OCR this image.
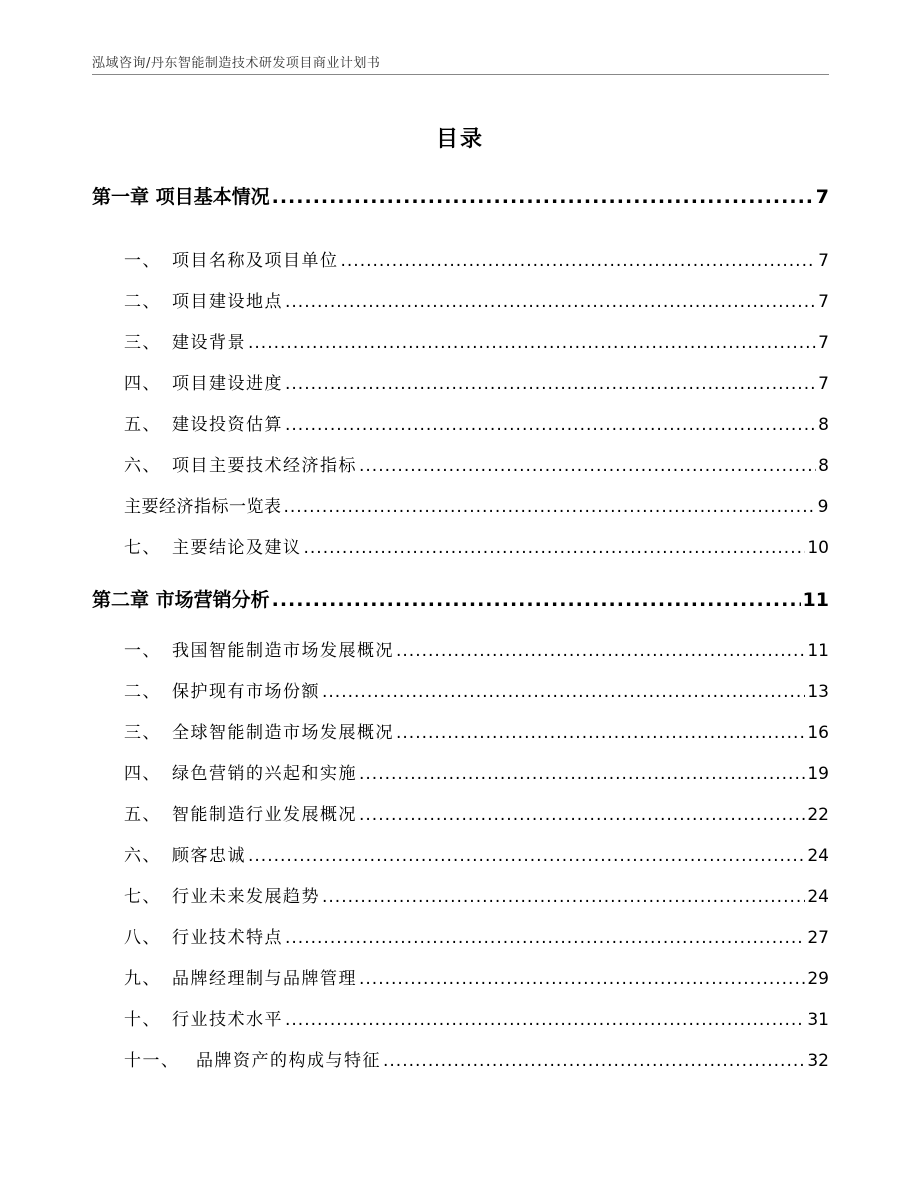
泓域咨询/丹东智能制造技术研发项目商业计划书
目录
第一章 项目基本情况 .....	7
一、 项目名称及项目单位 .....	7
二、 项目建设地点 .....	7
三、 建设背景 .....	7
四、 项目建设进度 .....	7
五、 建设投资估算 .....	8
六、 项目主要技术经济指标 .....	8
主要经济指标一览表 .....	9
七、 主要结论及建议 .....	10
第二章 市场营销分析 .....	11
一、 我国智能制造市场发展概况 .....	11
二、 保护现有市场份额 .....	13
三、 全球智能制造市场发展概况 .....	16
四、 绿色营销的兴起和实施 .....	19
五、 智能制造行业发展概况 .....	22
六、 顾客忠诚 .....	24
七、 行业未来发展趋势 .....	24
八、 行业技术特点 .....	27
九、 品牌经理制与品牌管理 .....	29
十、 行业技术水平 .....	31
十一、 品牌资产的构成与特征 .....	32
